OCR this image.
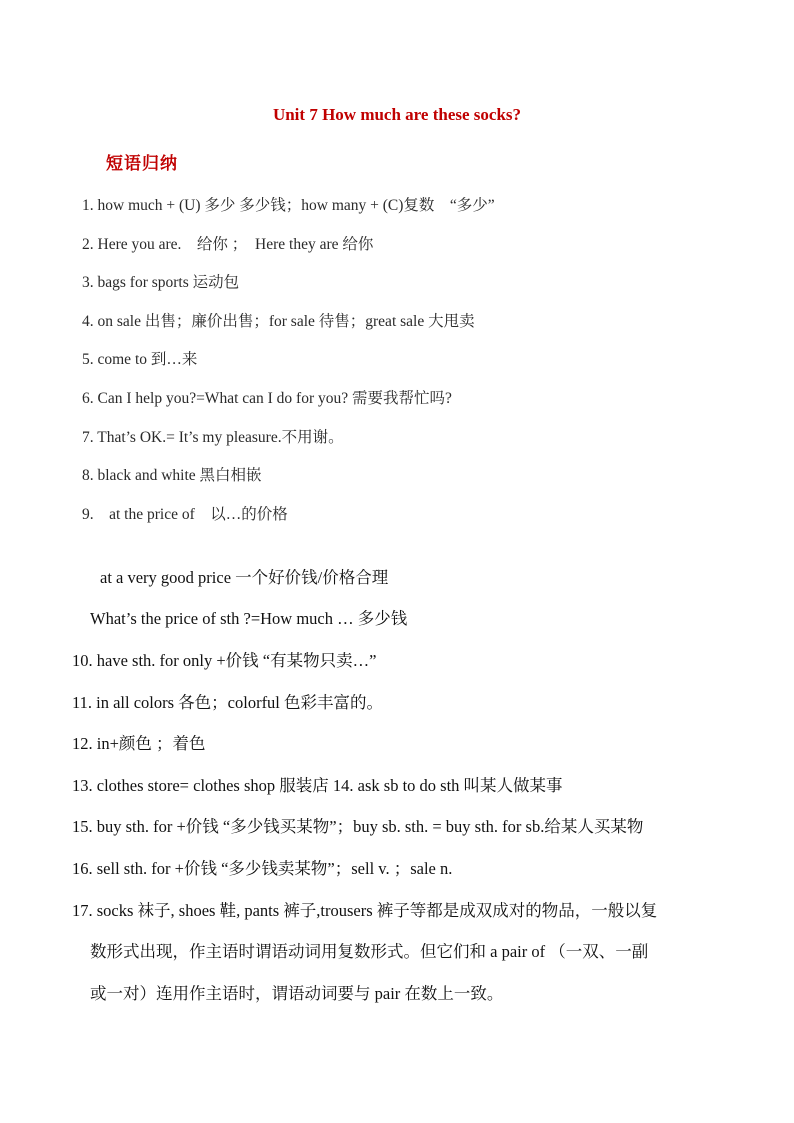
Unit 7 How much are these socks?
短语归纳
1. how much + (U) 多少 多少钱；how many + (C)复数　“多少”
2. Here you are.　给你 ；　Here they are 给你
3. bags for sports 运动包
4. on sale 出售；廉价出售；for sale 待售；great sale 大甩卖
5. come to 到…来
6. Can I help you?=What can I do for you? 需要我帮忙吗?
7. That’s OK.= It’s my pleasure.不用谢。
8. black and white 黑白相嵌
9.　at the price of　以…的价格
at a very good price 一个好价钱/价格合理
What’s the price of sth ?=How much … 多少钱
10. have sth. for only +价钱 “有某物只卖…”
11. in all colors 各色；colorful 色彩丰富的。
12. in+颜色 ；着色
13. clothes store= clothes shop 服装店 14. ask sb to do sth 叫某人做某事
15. buy sth. for +价钱 “多少钱买某物”；buy sb. sth. = buy sth. for sb.给某人买某物
16. sell sth. for +价钱 “多少钱卖某物”；sell v. ；sale n.
17. socks 袜子, shoes 鞋, pants 裤子,trousers 裤子等都是成双成对的物品，一般以复
数形式出现，作主语时谓语动词用复数形式。但它们和 a pair of （一双、一副
或一对）连用作主语时，谓语动词要与 pair 在数上一致。
